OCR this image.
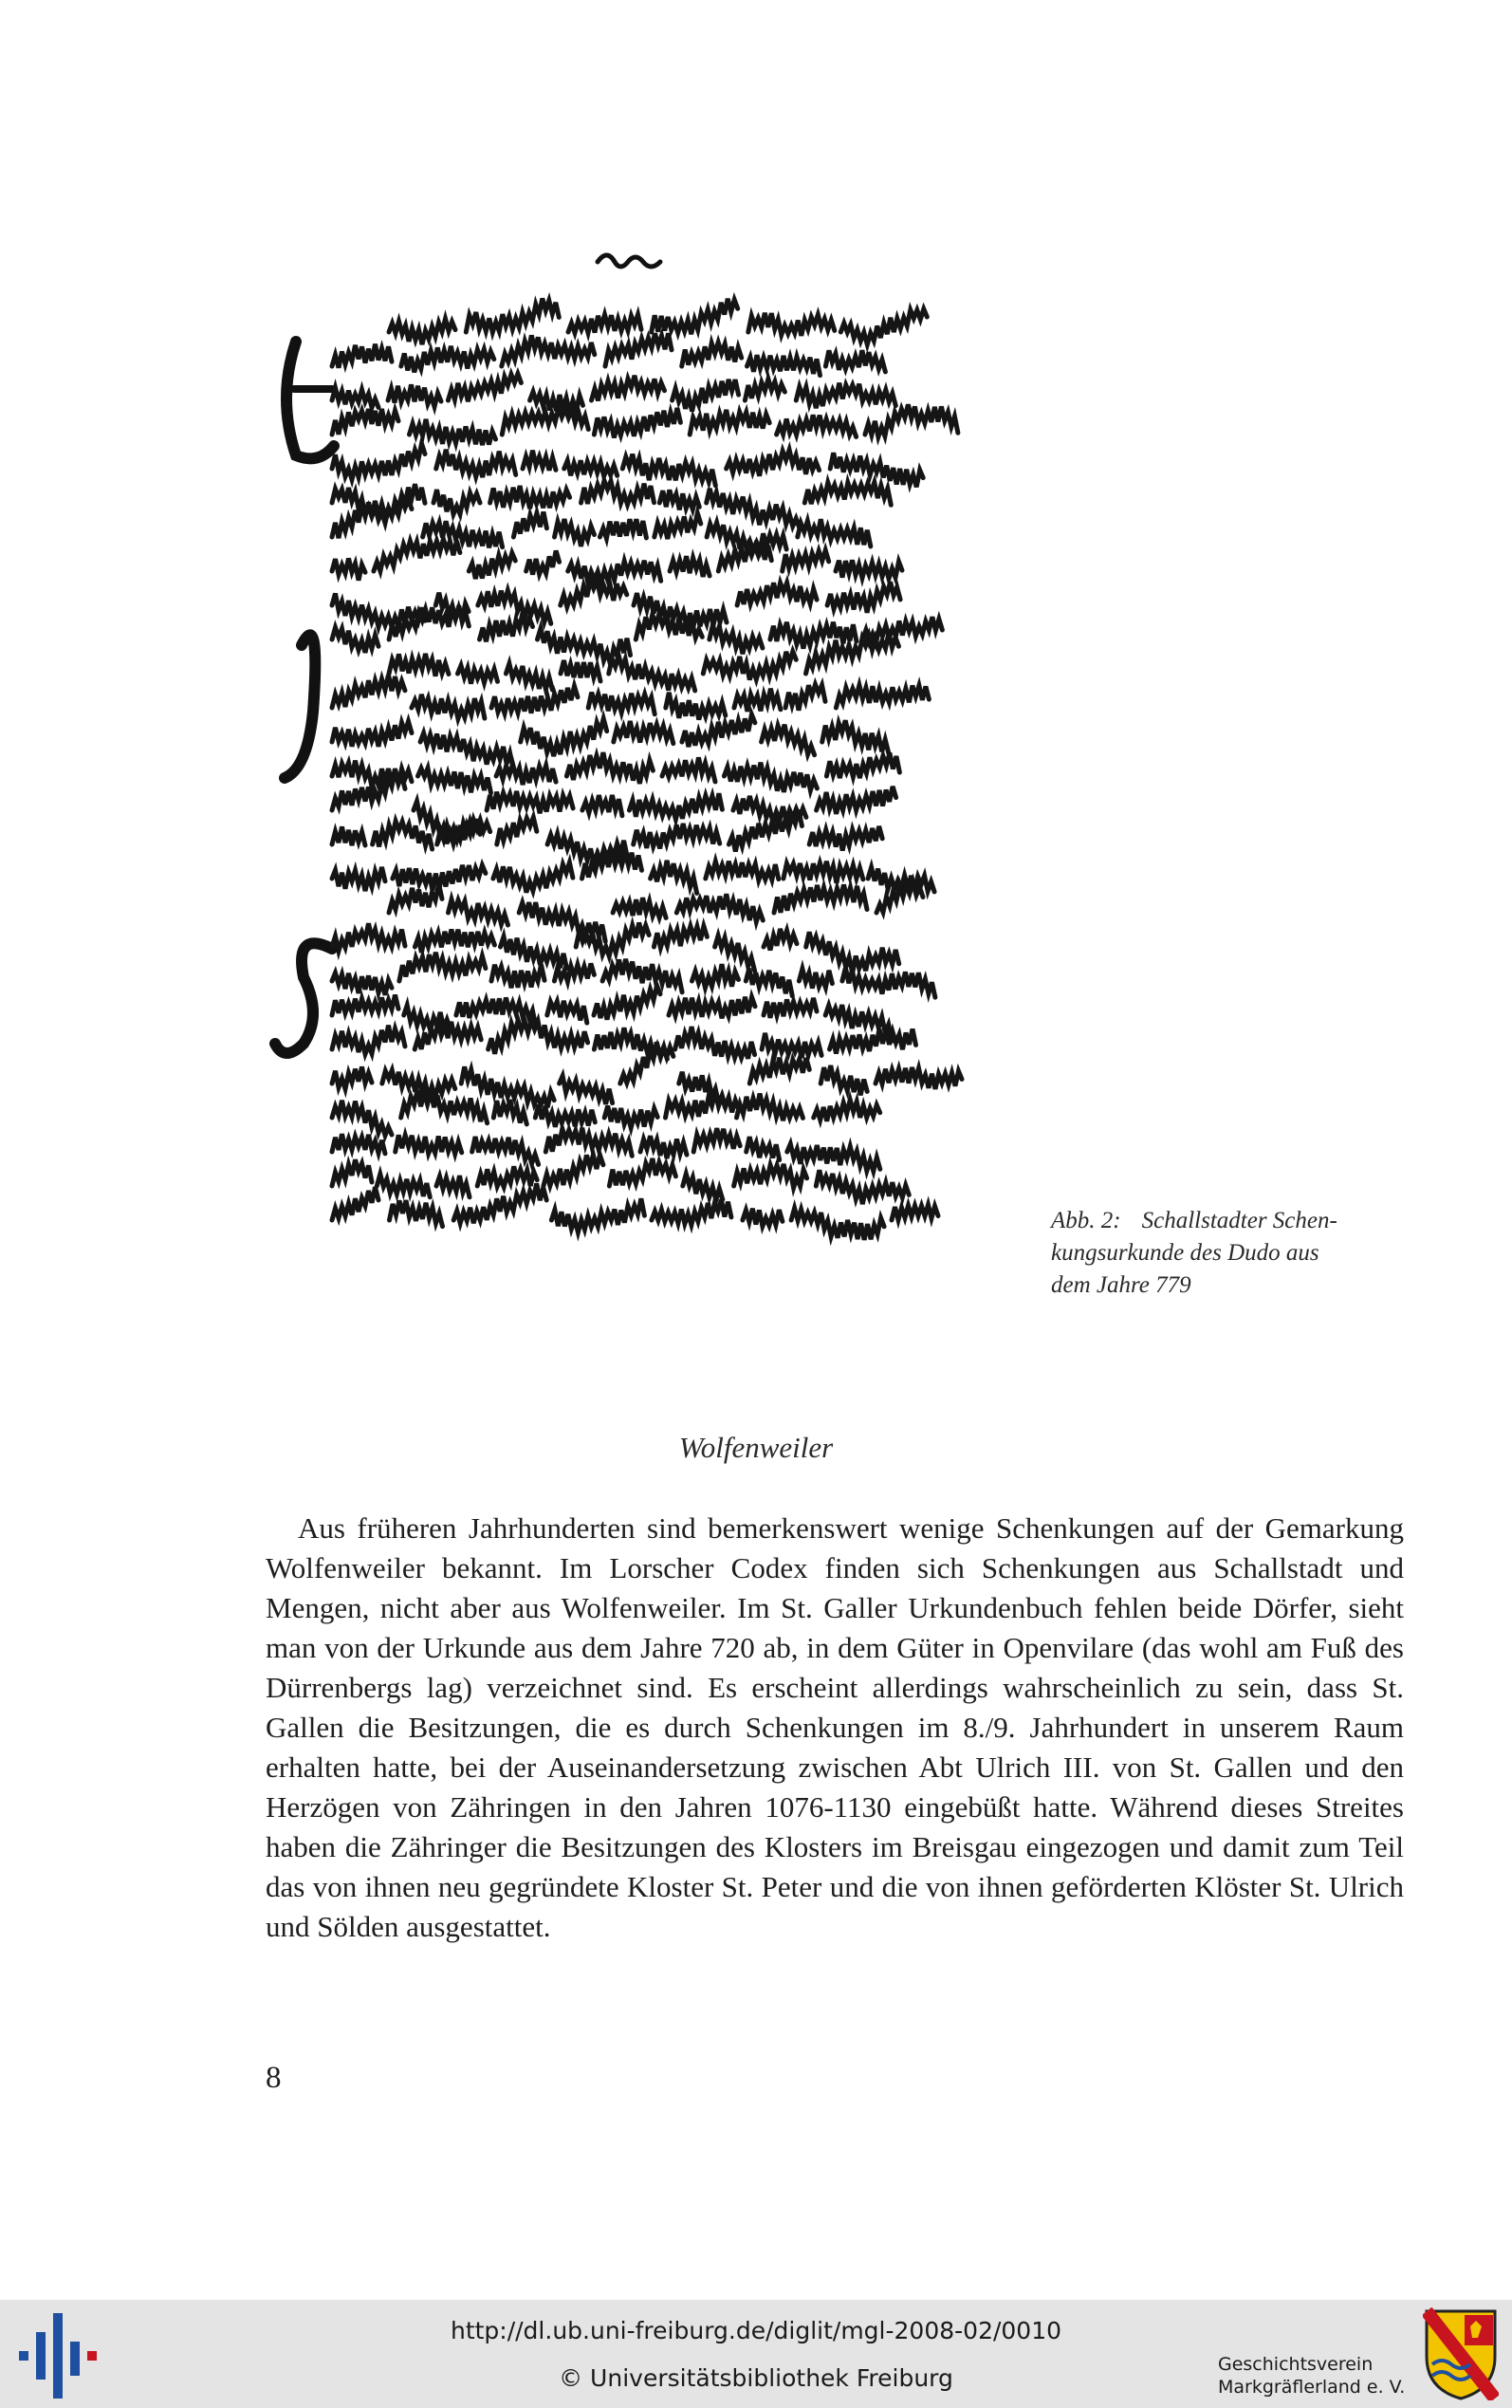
Abb. 2: Schallstadter Schen-
kungsurkunde des Dudo aus
dem Jahre 779
Wolfenweiler

Aus früheren Jahrhunderten sind bemerkenswert wenige Schenkungen auf der Gemarkung Wolfenweiler bekannt. Im Lorscher Codex finden sich Schenkungen aus Schallstadt und Mengen, nicht aber aus Wolfenweiler. Im St. Galler Urkundenbuch fehlen beide Dörfer, sieht man von der Urkunde aus dem Jahre 720 ab, in dem Güter in Openvilare (das wohl am Fuß des Dürrenbergs lag) verzeichnet sind. Es erscheint allerdings wahrscheinlich zu sein, dass St. Gallen die Besitzungen, die es durch Schenkungen im 8./9. Jahrhundert in unserem Raum erhalten hatte, bei der Auseinandersetzung zwischen Abt Ulrich III. von St. Gallen und den Herzögen von Zähringen in den Jahren 1076-1130 eingebüßt hatte. Während dieses Streites haben die Zähringer die Besitzungen des Klosters im Breisgau eingezogen und damit zum Teil das von ihnen neu gegründete Kloster St. Peter und die von ihnen geförderten Klöster St. Ulrich und Sölden ausgestattet.

8
http://dl.ub.uni-freiburg.de/diglit/mgl-2008-02/0010
© Universitätsbibliothek Freiburg	Geschichtsverein
Markgräflerland e. V.
